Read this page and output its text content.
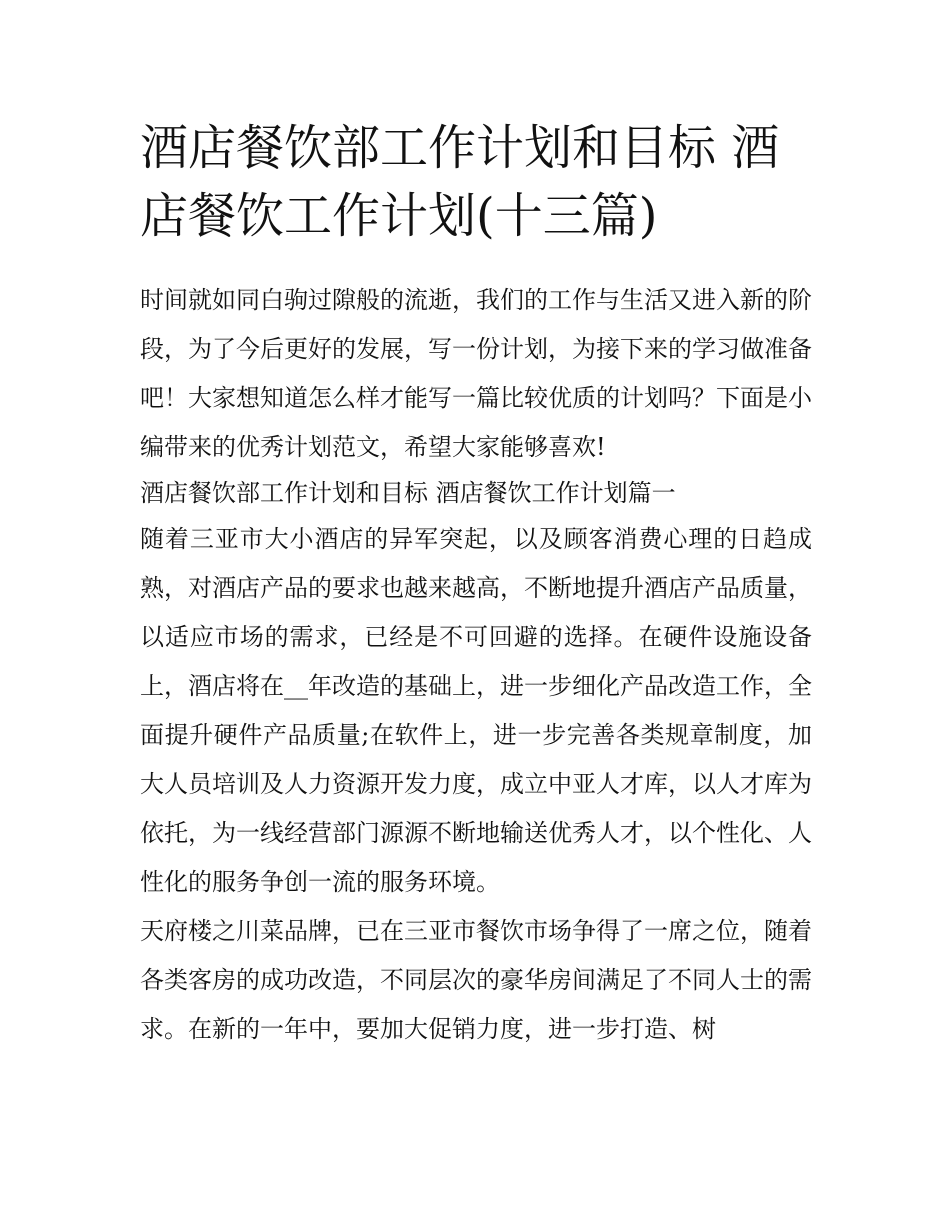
酒店餐饮部工作计划和目标 酒店餐饮工作计划(十三篇)

时间就如同白驹过隙般的流逝，我们的工作与生活又进入新的阶段，为了今后更好的发展，写一份计划，为接下来的学习做准备吧！大家想知道怎么样才能写一篇比较优质的计划吗？下面是小编带来的优秀计划范文，希望大家能够喜欢!

酒店餐饮部工作计划和目标 酒店餐饮工作计划篇一

随着三亚市大小酒店的异军突起，以及顾客消费心理的日趋成熟，对酒店产品的要求也越来越高，不断地提升酒店产品质量，以适应市场的需求，已经是不可回避的选择。在硬件设施设备上，酒店将在__年改造的基础上，进一步细化产品改造工作，全面提升硬件产品质量;在软件上，进一步完善各类规章制度，加大人员培训及人力资源开发力度，成立中亚人才库，以人才库为依托，为一线经营部门源源不断地输送优秀人才，以个性化、人性化的服务争创一流的服务环境。

天府楼之川菜品牌，已在三亚市餐饮市场争得了一席之位，随着各类客房的成功改造，不同层次的豪华房间满足了不同人士的需求。在新的一年中，要加大促销力度，进一步打造、树
